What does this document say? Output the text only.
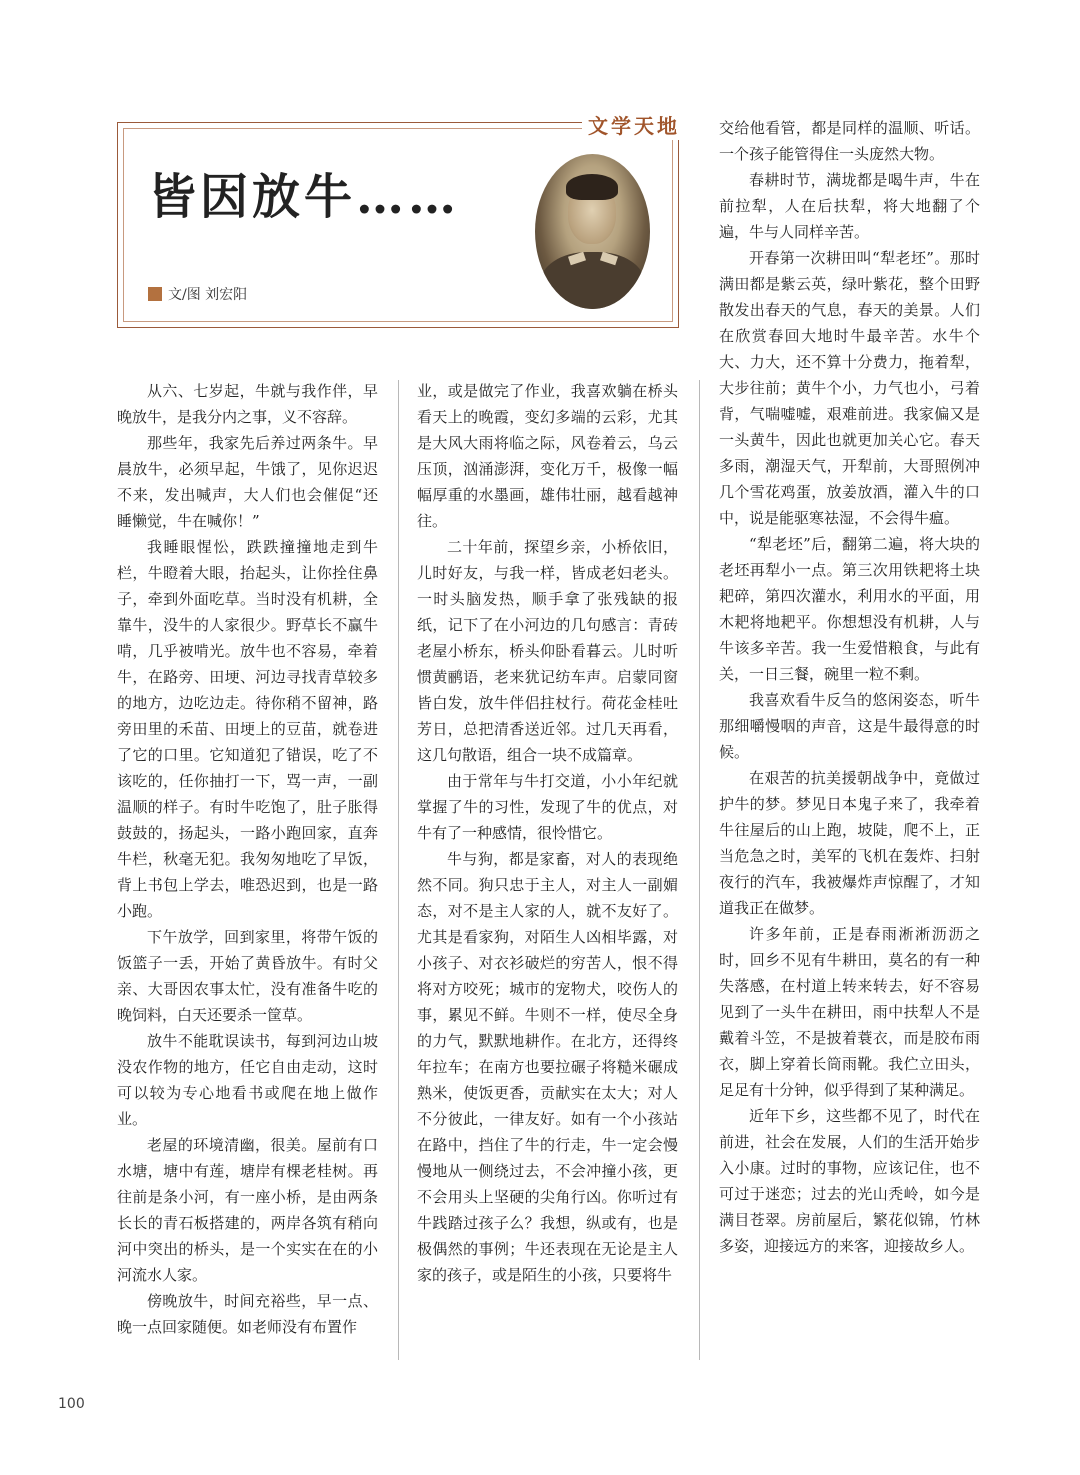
文学天地
皆因放牛……
文/图 刘宏阳

从六、七岁起，牛就与我作伴，早晚放牛，是我分内之事，义不容辞。

那些年，我家先后养过两条牛。早晨放牛，必须早起，牛饿了，见你迟迟不来，发出喊声，大人们也会催促“还睡懒觉，牛在喊你！”

我睡眼惺忪，跌跌撞撞地走到牛栏，牛瞪着大眼，抬起头，让你拴住鼻子，牵到外面吃草。当时没有机耕，全靠牛，没牛的人家很少。野草长不赢牛啃，几乎被啃光。放牛也不容易，牵着牛，在路旁、田埂、河边寻找青草较多的地方，边吃边走。待你稍不留神，路旁田里的禾苗、田埂上的豆苗，就卷进了它的口里。它知道犯了错误，吃了不该吃的，任你抽打一下，骂一声，一副温顺的样子。有时牛吃饱了，肚子胀得鼓鼓的，扬起头，一路小跑回家，直奔牛栏，秋毫无犯。我匆匆地吃了早饭，背上书包上学去，唯恐迟到，也是一路小跑。

下午放学，回到家里，将带午饭的饭篮子一丢，开始了黄昏放牛。有时父亲、大哥因农事太忙，没有准备牛吃的晚饲料，白天还要杀一筐草。

放牛不能耽误读书，每到河边山坡没农作物的地方，任它自由走动，这时可以较为专心地看书或爬在地上做作业。

老屋的环境清幽，很美。屋前有口水塘，塘中有莲，塘岸有棵老桂树。再往前是条小河，有一座小桥，是由两条长长的青石板搭建的，两岸各筑有稍向河中突出的桥头，是一个实实在在的小河流水人家。

傍晚放牛，时间充裕些，早一点、晚一点回家随便。如老师没有布置作

业，或是做完了作业，我喜欢躺在桥头看天上的晚霞，变幻多端的云彩，尤其是大风大雨将临之际，风卷着云，乌云压顶，汹涌澎湃，变化万千，极像一幅幅厚重的水墨画，雄伟壮丽，越看越神往。

二十年前，探望乡亲，小桥依旧，儿时好友，与我一样，皆成老妇老头。一时头脑发热，顺手拿了张残缺的报纸，记下了在小河边的几句感言：青砖老屋小桥东，桥头仰卧看暮云。儿时听惯黄鹂语，老来犹记纺车声。启蒙同窗皆白发，放牛伴侣拄杖行。荷花金桂吐芳日，总把清香送近邻。过几天再看，这几句散语，组合一块不成篇章。

由于常年与牛打交道，小小年纪就掌握了牛的习性，发现了牛的优点，对牛有了一种感情，很怜惜它。

牛与狗，都是家畜，对人的表现绝然不同。狗只忠于主人，对主人一副媚态，对不是主人家的人，就不友好了。尤其是看家狗，对陌生人凶相毕露，对小孩子、对衣衫破烂的穷苦人，恨不得将对方咬死；城市的宠物犬，咬伤人的事，累见不鲜。牛则不一样，使尽全身的力气，默默地耕作。在北方，还得终年拉车；在南方也要拉碾子将糙米碾成熟米，使饭更香，贡献实在太大；对人不分彼此，一律友好。如有一个小孩站在路中，挡住了牛的行走，牛一定会慢慢地从一侧绕过去，不会冲撞小孩，更不会用头上坚硬的尖角行凶。你听过有牛践踏过孩子么？我想，纵或有，也是极偶然的事例；牛还表现在无论是主人家的孩子，或是陌生的小孩，只要将牛

交给他看管，都是同样的温顺、听话。一个孩子能管得住一头庞然大物。

春耕时节，满垅都是喝牛声，牛在前拉犁，人在后扶犁，将大地翻了个遍，牛与人同样辛苦。

开春第一次耕田叫“犁老坯”。那时满田都是紫云英，绿叶紫花，整个田野散发出春天的气息，春天的美景。人们在欣赏春回大地时牛最辛苦。水牛个大、力大，还不算十分费力，拖着犁，大步往前；黄牛个小，力气也小，弓着背，气喘嘘嘘，艰难前进。我家偏又是一头黄牛，因此也就更加关心它。春天多雨，潮湿天气，开犁前，大哥照例冲几个雪花鸡蛋，放姜放酒，灌入牛的口中，说是能驱寒祛湿，不会得牛瘟。

“犁老坯”后，翻第二遍，将大块的老坯再犁小一点。第三次用铁耙将土块耙碎，第四次灌水，利用水的平面，用木耙将地耙平。你想想没有机耕，人与牛该多辛苦。我一生爱惜粮食，与此有关，一日三餐，碗里一粒不剩。

我喜欢看牛反刍的悠闲姿态，听牛那细嚼慢咽的声音，这是牛最得意的时候。

在艰苦的抗美援朝战争中，竟做过护牛的梦。梦见日本鬼子来了，我牵着牛往屋后的山上跑，坡陡，爬不上，正当危急之时，美军的飞机在轰炸、扫射夜行的汽车，我被爆炸声惊醒了，才知道我正在做梦。

许多年前，正是春雨淅淅沥沥之时，回乡不见有牛耕田，莫名的有一种失落感，在村道上转来转去，好不容易见到了一头牛在耕田，雨中扶犁人不是戴着斗笠，不是披着蓑衣，而是胶布雨衣，脚上穿着长筒雨靴。我伫立田头，足足有十分钟，似乎得到了某种满足。

近年下乡，这些都不见了，时代在前进，社会在发展，人们的生活开始步入小康。过时的事物，应该记住，也不可过于迷恋；过去的光山秃岭，如今是满目苍翠。房前屋后，繁花似锦，竹林多姿，迎接远方的来客，迎接故乡人。

100
